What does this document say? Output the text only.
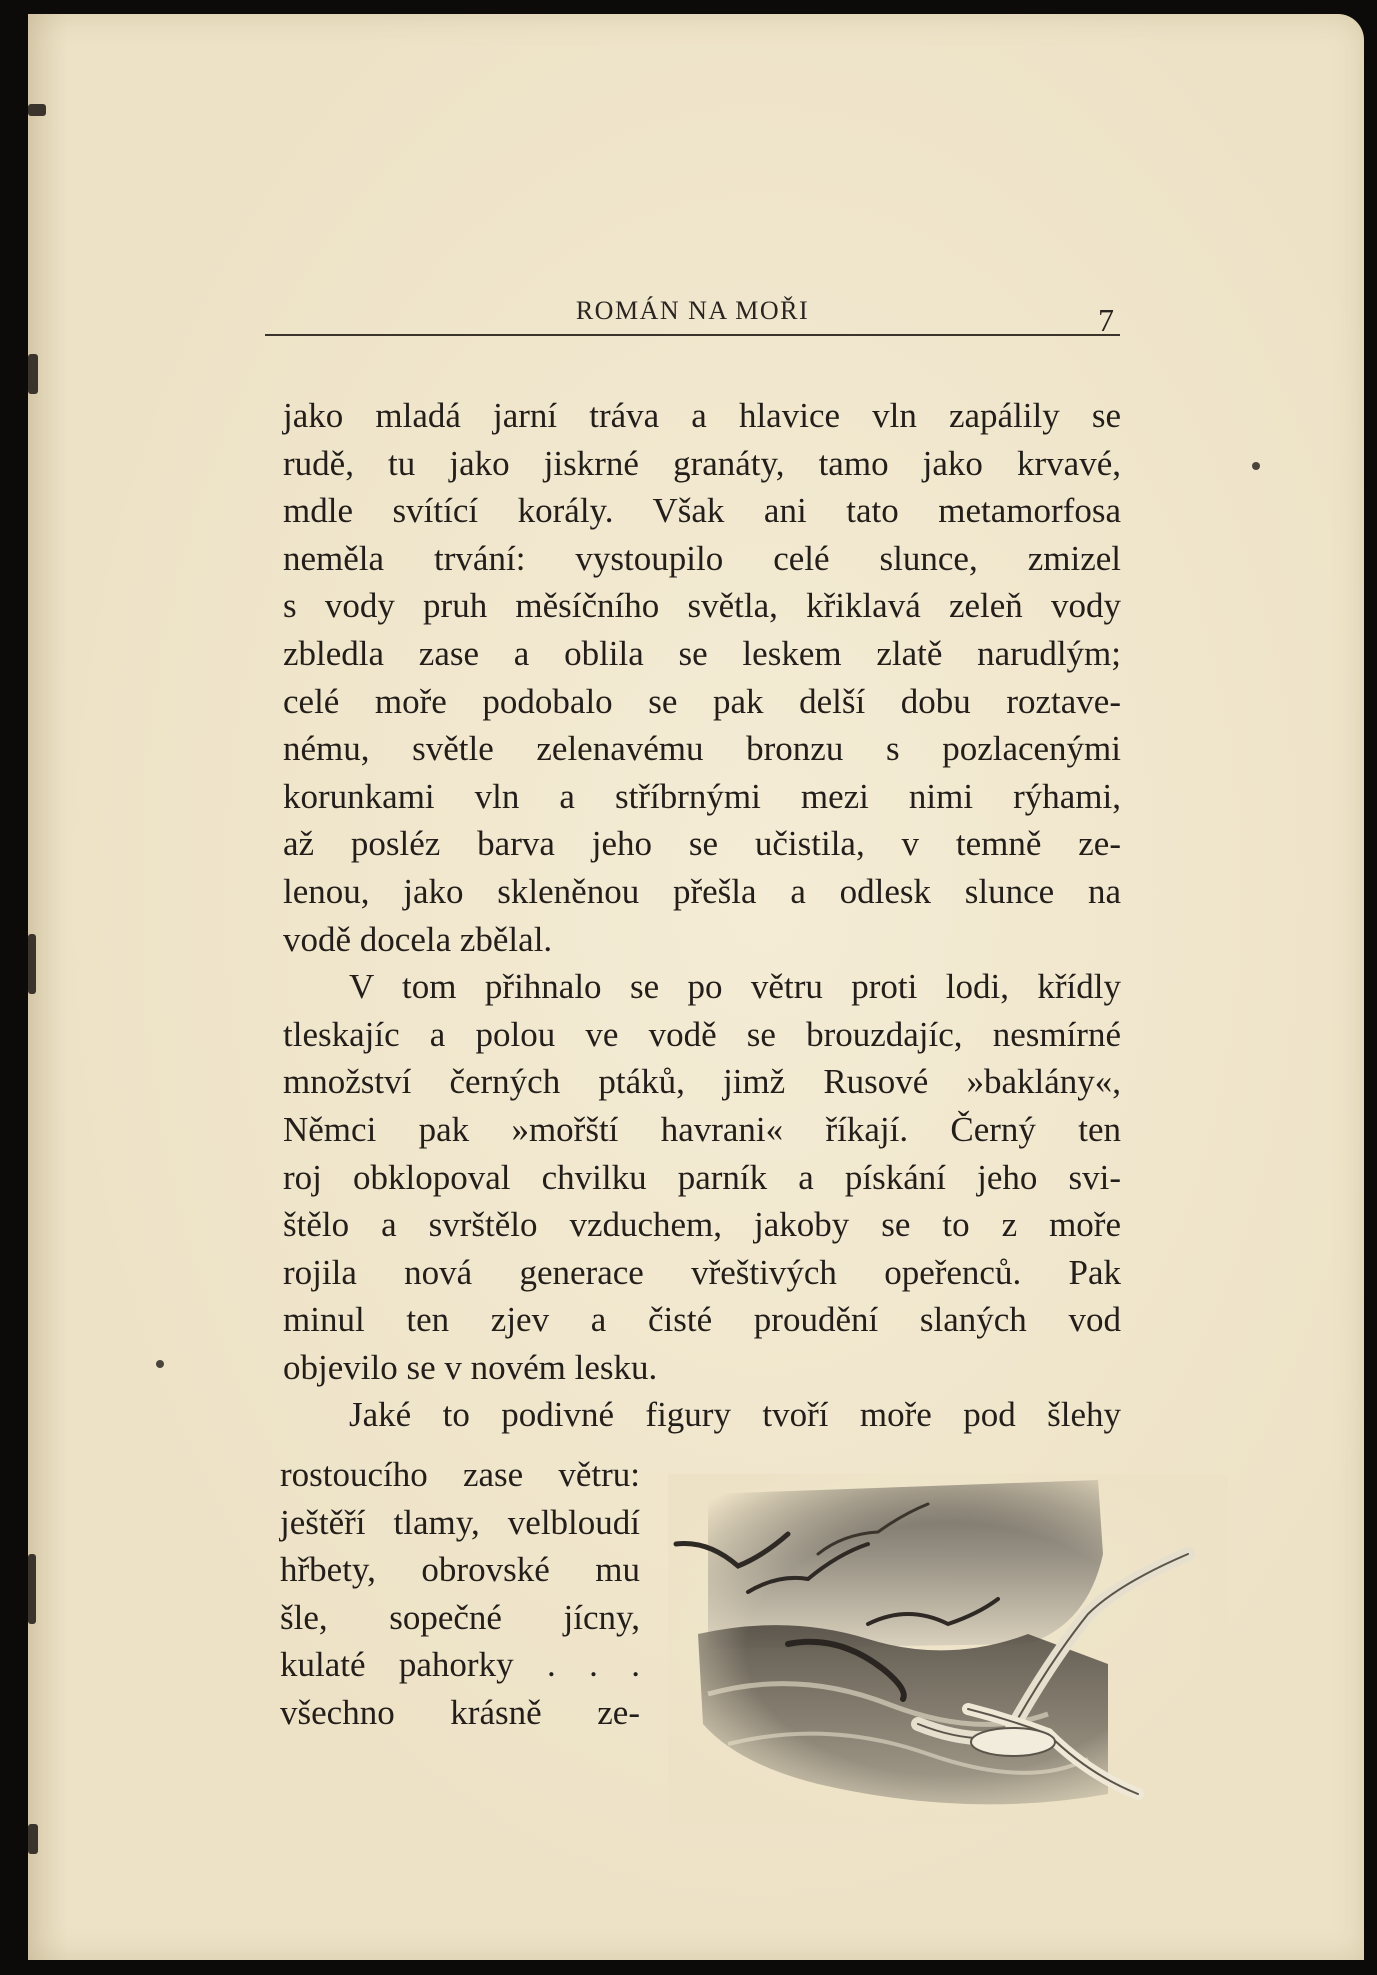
ROMÁN NA MOŘI	7
jako mladá jarní tráva a hlavice vln zapálily se
rudě, tu jako jiskrné granáty, tamo jako krvavé,
mdle svítící korály. Však ani tato metamorfosa
neměla trvání: vystoupilo celé slunce, zmizel
s vody pruh měsíčního světla, křiklavá zeleň vody
zbledla zase a oblila se leskem zlatě narudlým;
celé moře podobalo se pak delší dobu roztave-
nému, světle zelenavému bronzu s pozlacenými
korunkami vln a stříbrnými mezi nimi rýhami,
až posléz barva jeho se učistila, v temně ze-
lenou, jako skleněnou přešla a odlesk slunce na
vodě docela zbělal.
V tom přihnalo se po větru proti lodi, křídly
tleskajíc a polou ve vodě se brouzdajíc, nesmírné
množství černých ptáků, jimž Rusové »baklány«,
Němci pak »mořští havrani« říkají. Černý ten
roj obklopoval chvilku parník a pískání jeho svi-
štělo a svrštělo vzduchem, jakoby se to z moře
rojila nová generace vřeštivých opeřenců. Pak
minul ten zjev a čisté proudění slaných vod
objevilo se v novém lesku.
Jaké to podivné figury tvoří moře pod šlehy
rostoucího zase větru:
ještěří tlamy, velbloudí
hřbety, obrovské mu
šle, sopečné jícny,
kulaté pahorky . . .
všechno krásně ze-
